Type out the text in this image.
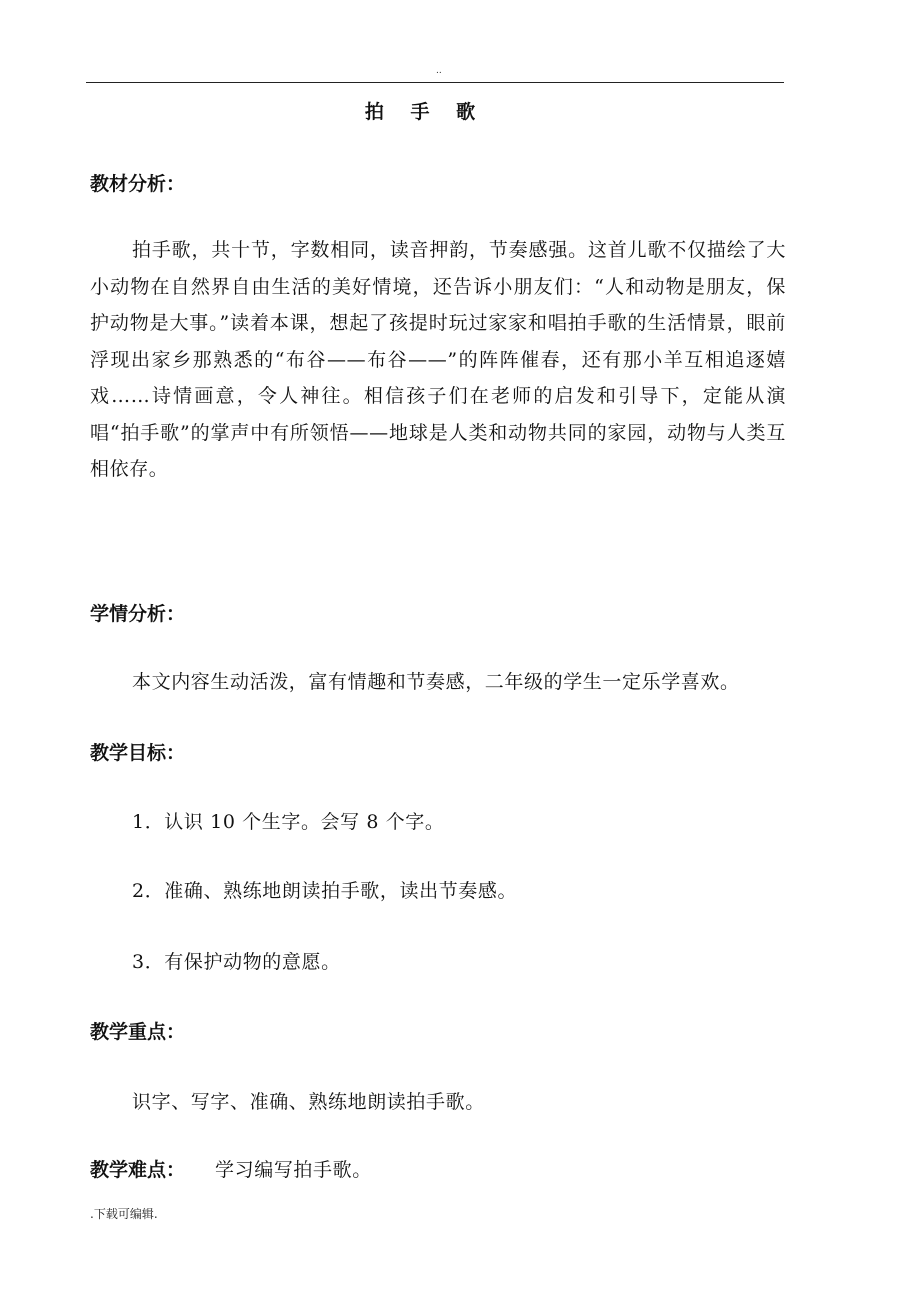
..
拍 手 歌
教材分析：

拍手歌，共十节，字数相同，读音押韵，节奏感强。这首儿歌不仅描绘了大小动物在自然界自由生活的美好情境，还告诉小朋友们：“人和动物是朋友，保护动物是大事。”读着本课，想起了孩提时玩过家家和唱拍手歌的生活情景，眼前浮现出家乡那熟悉的“布谷——布谷——”的阵阵催春，还有那小羊互相追逐嬉戏……诗情画意，令人神往。相信孩子们在老师的启发和引导下，定能从演唱“拍手歌”的掌声中有所领悟——地球是人类和动物共同的家园，动物与人类互相依存。

学情分析：
本文内容生动活泼，富有情趣和节奏感，二年级的学生一定乐学喜欢。
教学目标：
1．认识 10 个生字。会写 8 个字。
2．准确、熟练地朗读拍手歌，读出节奏感。
3．有保护动物的意愿。
教学重点：
识字、写字、准确、熟练地朗读拍手歌。
教学难点： 学习编写拍手歌。
.下载可编辑.
